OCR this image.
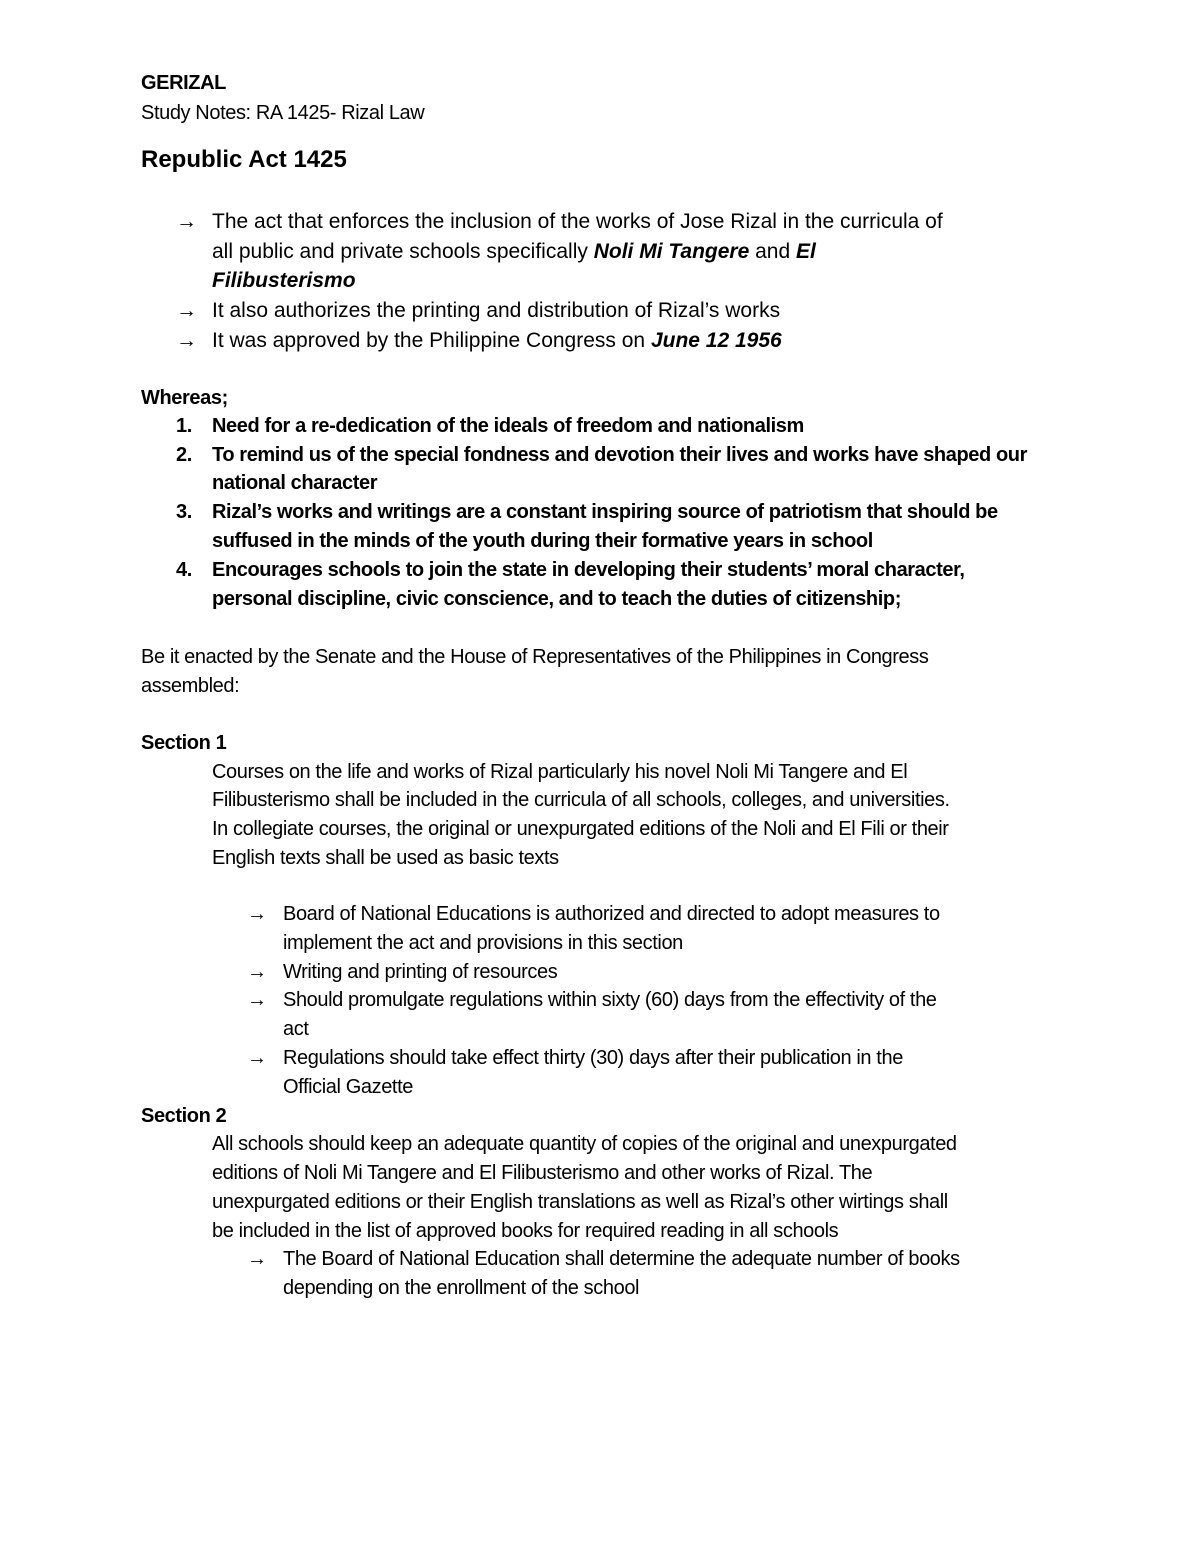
GERIZAL
Study Notes: RA 1425- Rizal Law
Republic Act 1425
→ The act that enforces the inclusion of the works of Jose Rizal in the curricula of
all public and private schools specifically Noli Mi Tangere and El
Filibusterismo
→ It also authorizes the printing and distribution of Rizal’s works
→ It was approved by the Philippine Congress on June 12 1956
Whereas;
1. Need for a re-dedication of the ideals of freedom and nationalism
2. To remind us of the special fondness and devotion their lives and works have shaped our
national character
3. Rizal’s works and writings are a constant inspiring source of patriotism that should be
suffused in the minds of the youth during their formative years in school
4. Encourages schools to join the state in developing their students’ moral character,
personal discipline, civic conscience, and to teach the duties of citizenship;
Be it enacted by the Senate and the House of Representatives of the Philippines in Congress
assembled:
Section 1
Courses on the life and works of Rizal particularly his novel Noli Mi Tangere and El
Filibusterismo shall be included in the curricula of all schools, colleges, and universities.
In collegiate courses, the original or unexpurgated editions of the Noli and El Fili or their
English texts shall be used as basic texts
→ Board of National Educations is authorized and directed to adopt measures to
implement the act and provisions in this section
→ Writing and printing of resources
→ Should promulgate regulations within sixty (60) days from the effectivity of the
act
→ Regulations should take effect thirty (30) days after their publication in the
Official Gazette
Section 2
All schools should keep an adequate quantity of copies of the original and unexpurgated
editions of Noli Mi Tangere and El Filibusterismo and other works of Rizal. The
unexpurgated editions or their English translations as well as Rizal’s other wirtings shall
be included in the list of approved books for required reading in all schools
→ The Board of National Education shall determine the adequate number of books
depending on the enrollment of the school
